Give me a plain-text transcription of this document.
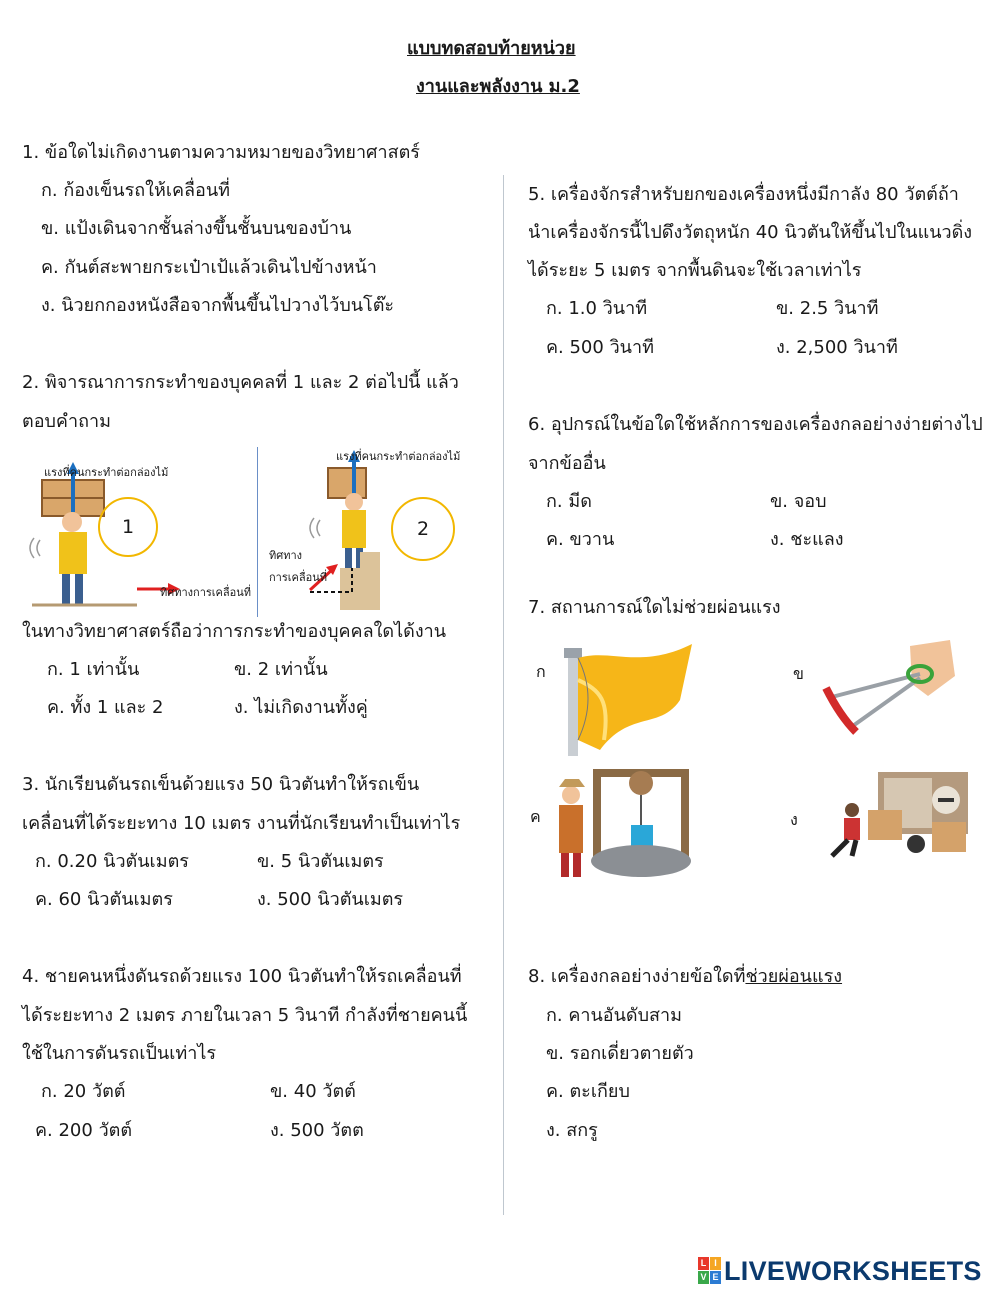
แบบทดสอบท้ายหน่วย
งานและพลังงาน ม.2
1. ข้อใดไม่เกิดงานตามความหมายของวิทยาศาสตร์
ก. ก้องเข็นรถให้เคลื่อนที่
ข. แป้งเดินจากชั้นล่างขึ้นชั้นบนของบ้าน
ค. กันต์สะพายกระเป๋าเป้แล้วเดินไปข้างหน้า
ง. นิวยกกองหนังสือจากพื้นขึ้นไปวางไว้บนโต๊ะ
2. พิจารณาการกระทำของบุคคลที่ 1 และ 2 ต่อไปนี้ แล้ว
ตอบคำถาม
แรงที่คนกระทำต่อกล่องไม้
ทิศทางการเคลื่อนที่
1
แรงที่คนกระทำต่อกล่องไม้
ทิศทาง
การเคลื่อนที่
2
ในทางวิทยาศาสตร์ถือว่าการกระทำของบุคคลใดได้งาน
ก. 1 เท่านั้น	ข. 2 เท่านั้น
ค. ทั้ง 1 และ 2	ง. ไม่เกิดงานทั้งคู่
3. นักเรียนดันรถเข็นด้วยแรง 50 นิวตันทำให้รถเข็น
เคลื่อนที่ได้ระยะทาง 10 เมตร งานที่นักเรียนทำเป็นเท่าไร
ก. 0.20 นิวตันเมตร	ข. 5 นิวตันเมตร
ค. 60 นิวตันเมตร	ง. 500 นิวตันเมตร
4. ชายคนหนึ่งดันรถด้วยแรง 100 นิวตันทำให้รถเคลื่อนที่
ได้ระยะทาง 2 เมตร ภายในเวลา 5 วินาที กำลังที่ชายคนนี้
ใช้ในการดันรถเป็นเท่าไร
ก. 20 วัตต์	ข. 40 วัตต์
ค. 200 วัตต์	ง. 500 วัตต
5. เครื่องจักรสำหรับยกของเครื่องหนึ่งมีกาลัง 80 วัตต์ถ้า
นำเครื่องจักรนี้ไปดึงวัตถุหนัก 40 นิวตันให้ขึ้นไปในแนวดิ่ง
ได้ระยะ 5 เมตร จากพื้นดินจะใช้เวลาเท่าไร
ก. 1.0 วินาที	ข. 2.5 วินาที
ค. 500 วินาที	ง. 2,500 วินาที
6. อุปกรณ์ในข้อใดใช้หลักการของเครื่องกลอย่างง่ายต่างไป
จากข้ออื่น
ก. มีด	ข. จอบ
ค. ขวาน	ง. ชะแลง
7. สถานการณ์ใดไม่ช่วยผ่อนแรง
ก	ข
ค	ง
8. เครื่องกลอย่างง่ายข้อใดที่ช่วยผ่อนแรง
ก. คานอันดับสาม
ข. รอกเดี่ยวตายตัว
ค. ตะเกียบ
ง. สกรู
L I
V E LIVEWORKSHEETS
